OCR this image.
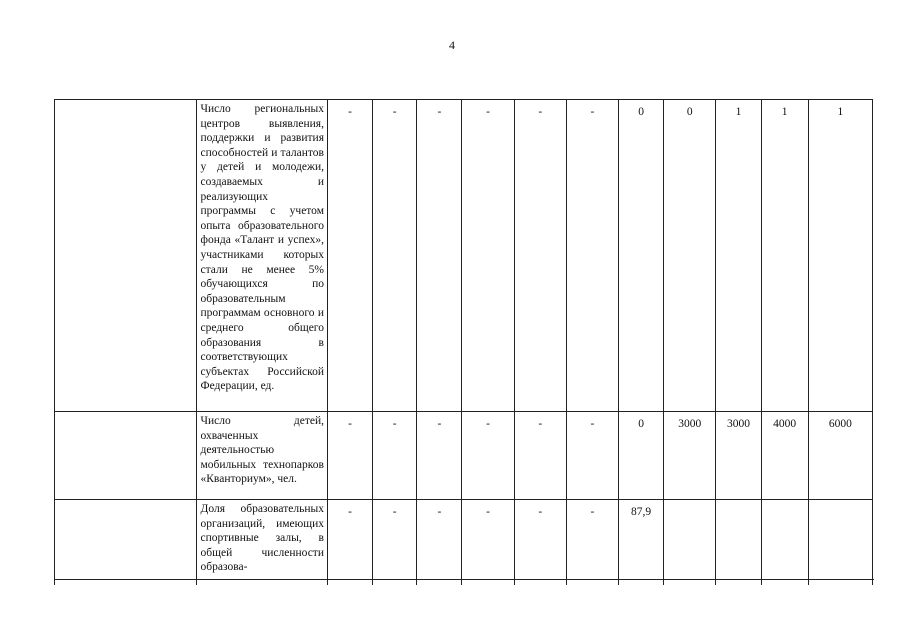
4
	Число региональных центров выявления, поддержки и развития способностей и талантов у детей и молодежи, создаваемых и реализующих программы с учетом опыта образовательного фонда «Талант и успех», участниками которых стали не менее 5% обучающихся по образовательным программам основного и среднего общего образования в соответствующих субъектах Российской Федерации, ед.	-	-	-	-	-	-	0	0	1	1	1
	Число детей, охваченных деятельностью мобильных технопарков «Кванториум», чел.	-	-	-	-	-	-	0	3000	3000	4000	6000
	Доля образовательных организаций, имеющих спортивные залы, в общей численности образова-	-	-	-	-	-	-	87,9				
